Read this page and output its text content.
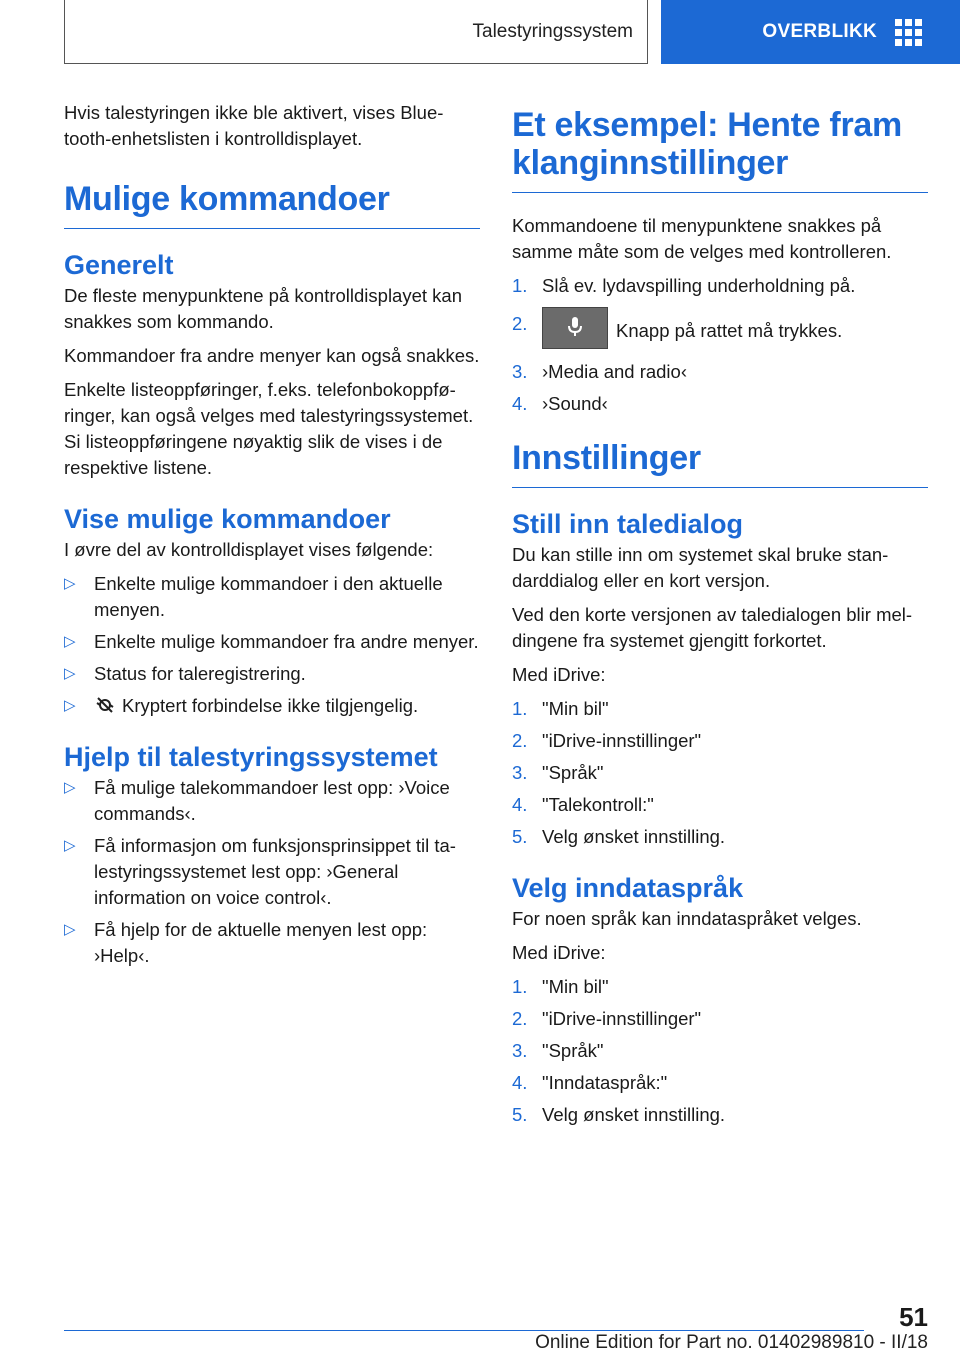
Talestyringssystem	OVERBLIKK

Hvis talestyringen ikke ble aktivert, vises Bluetooth-enhetslisten i kontrolldisplayet.

Mulige kommandoer
Generelt

De fleste menypunktene på kontrolldisplayet kan snakkes som kommando.

Kommandoer fra andre menyer kan også snakkes.

Enkelte listeoppføringer, f.eks. telefonbokoppføringer, kan også velges med talestyringssystemet. Si listeoppføringene nøyaktig slik de vises i de respektive listene.

Vise mulige kommandoer

I øvre del av kontrolldisplayet vises følgende:

▷ Enkelte mulige kommandoer i den aktuelle menyen.
▷ Enkelte mulige kommandoer fra andre menyer.
▷ Status for taleregistrering.
▷	Kryptert forbindelse ikke tilgjengelig.
Hjelp til talestyringssystemet
▷ Få mulige talekommandoer lest opp: ›Voice commands‹.
▷ Få informasjon om funksjonsprinsippet til talestyringssystemet lest opp: ›General information on voice control‹.
▷ Få hjelp for de aktuelle menyen lest opp: ›Help‹.
Et eksempel: Hente fram klanginnstillinger

Kommandoene til menypunktene snakkes på samme måte som de velges med kontrolleren.

1. Slå ev. lydavspilling underholdning på.
2.	Knapp på rattet må trykkes.
3. ›Media and radio‹
4. ›Sound‹
Innstillinger
Still inn taledialog

Du kan stille inn om systemet skal bruke standarddialog eller en kort versjon.

Ved den korte versjonen av taledialogen blir meldingene fra systemet gjengitt forkortet.

Med iDrive:

1. "Min bil"
2. "iDrive-innstillinger"
3. "Språk"
4. "Talekontroll:"
5. Velg ønsket innstilling.
Velg inndataspråk

For noen språk kan inndataspråket velges.

Med iDrive:

1. "Min bil"
2. "iDrive-innstillinger"
3. "Språk"
4. "Inndataspråk:"
5. Velg ønsket innstilling.
51
Online Edition for Part no. 01402989810 - II/18
